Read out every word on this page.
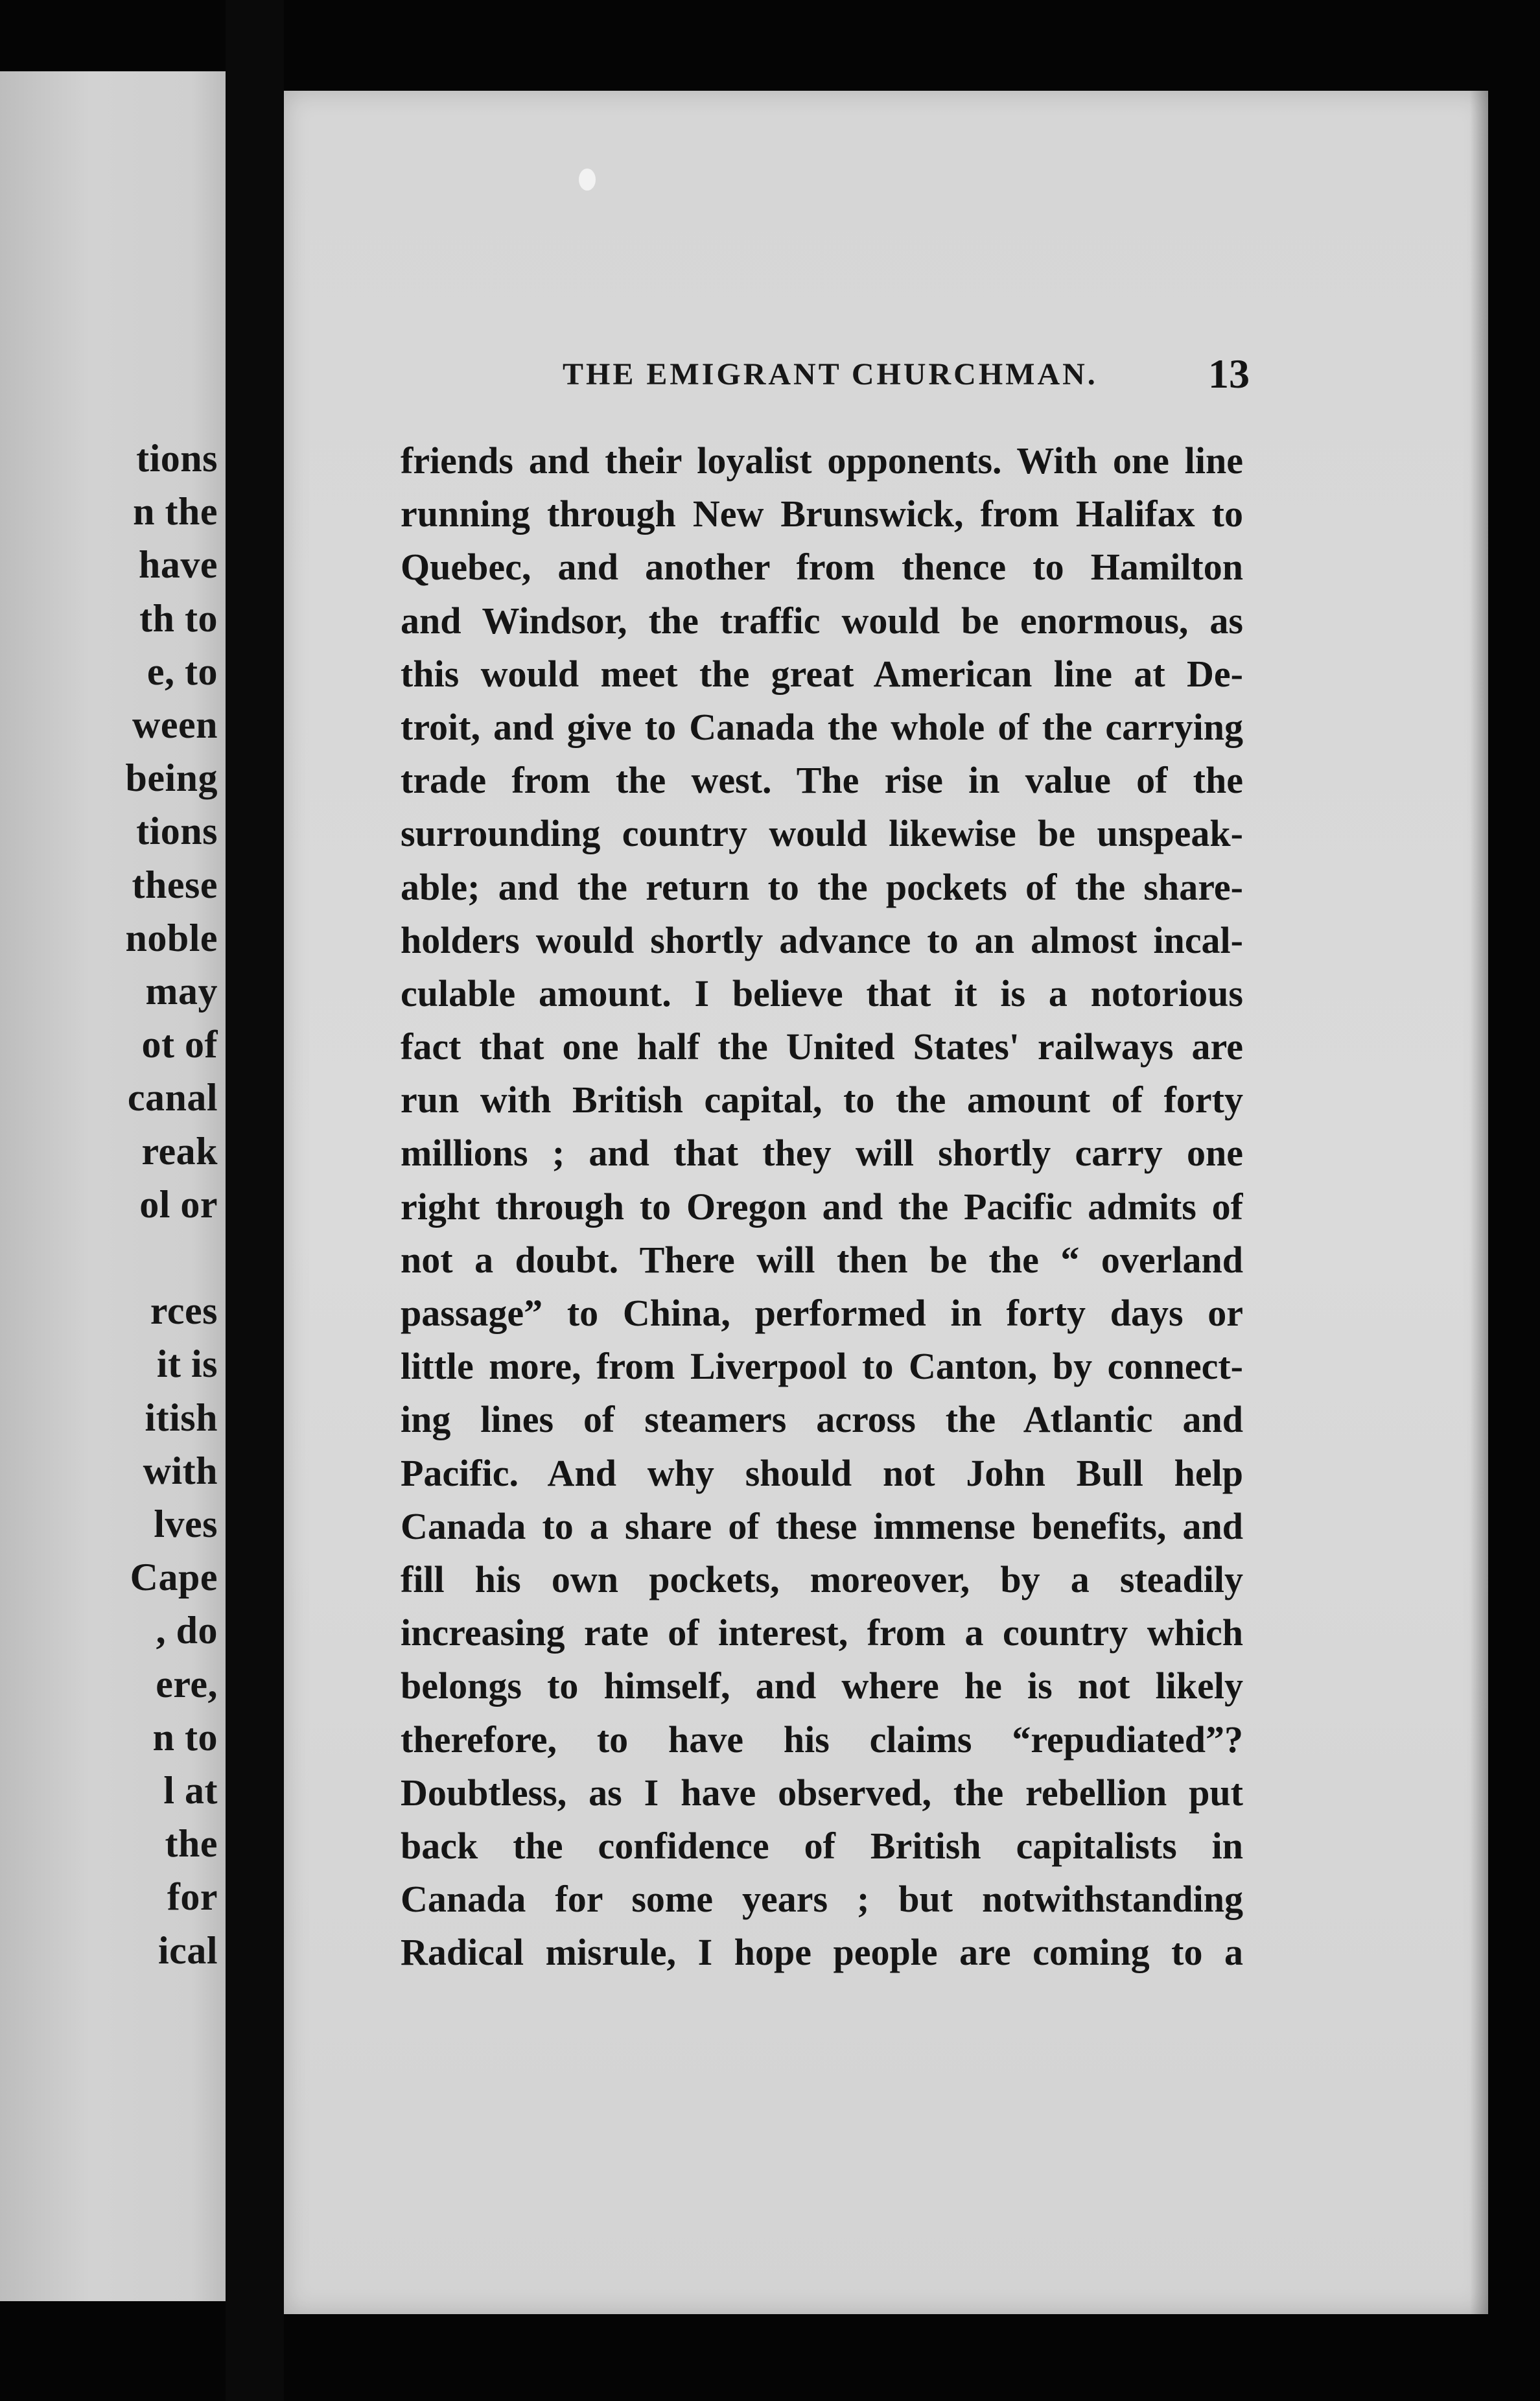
tions
n the
have
th to
e, to
ween
being
tions
these
noble
may
ot of
canal
reak
ol or
rces
it is
itish
with
lves
Cape
, do
ere,
n to
l at
the
for
ical
THE EMIGRANT CHURCHMAN.	13
friends and their loyalist opponents. With one line
running through New Brunswick, from Halifax to
Quebec, and another from thence to Hamilton
and Windsor, the traffic would be enormous, as
this would meet the great American line at De-
troit, and give to Canada the whole of the carrying
trade from the west. The rise in value of the
surrounding country would likewise be unspeak-
able; and the return to the pockets of the share-
holders would shortly advance to an almost incal-
culable amount. I believe that it is a notorious
fact that one half the United States' railways are
run with British capital, to the amount of forty
millions ; and that they will shortly carry one
right through to Oregon and the Pacific admits of
not a doubt. There will then be the “ overland
passage” to China, performed in forty days or
little more, from Liverpool to Canton, by connect-
ing lines of steamers across the Atlantic and
Pacific. And why should not John Bull help
Canada to a share of these immense benefits, and
fill his own pockets, moreover, by a steadily
increasing rate of interest, from a country which
belongs to himself, and where he is not likely
therefore, to have his claims “repudiated”?
Doubtless, as I have observed, the rebellion put
back the confidence of British capitalists in
Canada for some years ; but notwithstanding
Radical misrule, I hope people are coming to a
